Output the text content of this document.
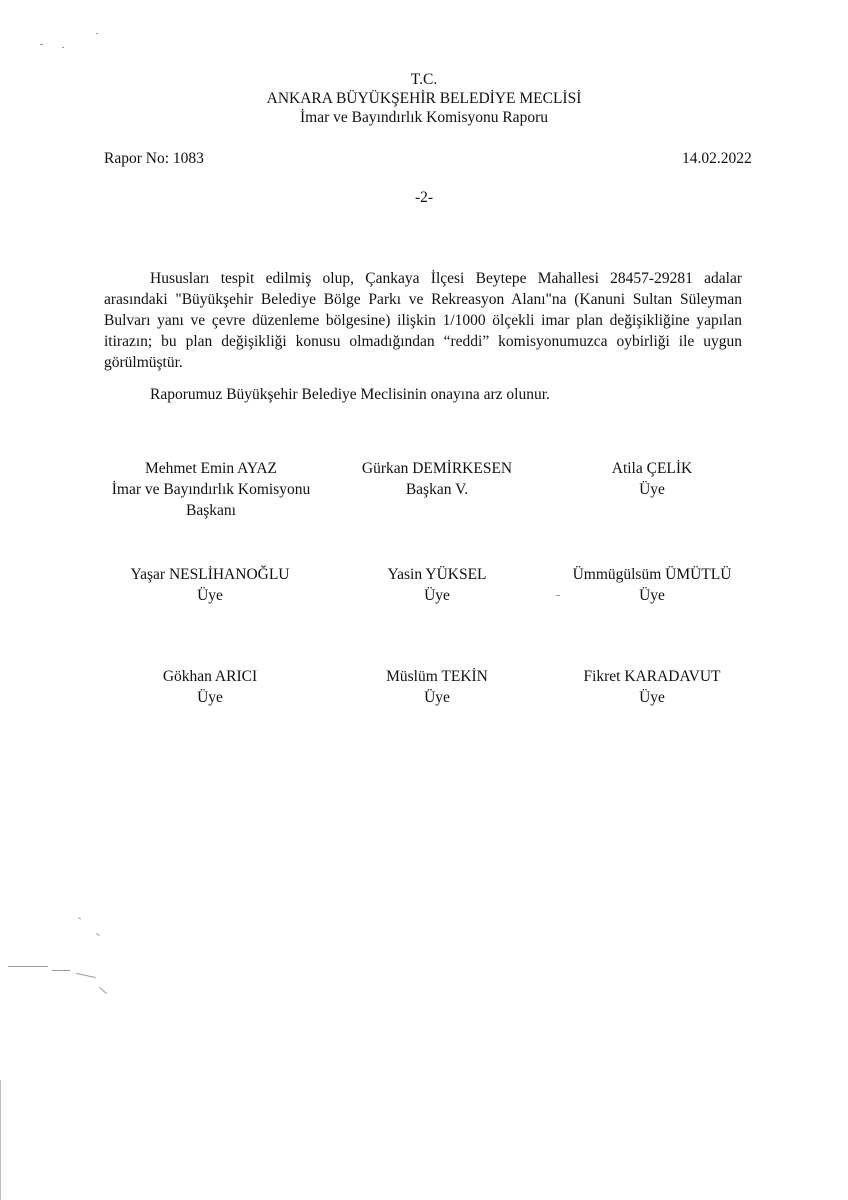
T.C.
ANKARA BÜYÜKŞEHİR BELEDİYE MECLİSİ
İmar ve Bayındırlık Komisyonu Raporu
Rapor No: 1083	14.02.2022
-2-
Hususları tespit edilmiş olup, Çankaya İlçesi Beytepe Mahallesi 28457-29281 adalar arasındaki "Büyükşehir Belediye Bölge Parkı ve Rekreasyon Alanı"na (Kanuni Sultan Süleyman Bulvarı yanı ve çevre düzenleme bölgesine) ilişkin 1/1000 ölçekli imar plan değişikliğine yapılan itirazın; bu plan değişikliği konusu olmadığından “reddi” komisyonumuzca oybirliği ile uygun görülmüştür.
Raporumuz Büyükşehir Belediye Meclisinin onayına arz olunur.
Mehmet Emin AYAZ
İmar ve Bayındırlık Komisyonu
Başkanı
Gürkan DEMİRKESEN
Başkan V.
Atila ÇELİK
Üye
Yaşar NESLİHANOĞLU
Üye
Yasin YÜKSEL
Üye
Ümmügülsüm ÜMÜTLÜ
Üye
Gökhan ARICI
Üye
Müslüm TEKİN
Üye
Fikret KARADAVUT
Üye
